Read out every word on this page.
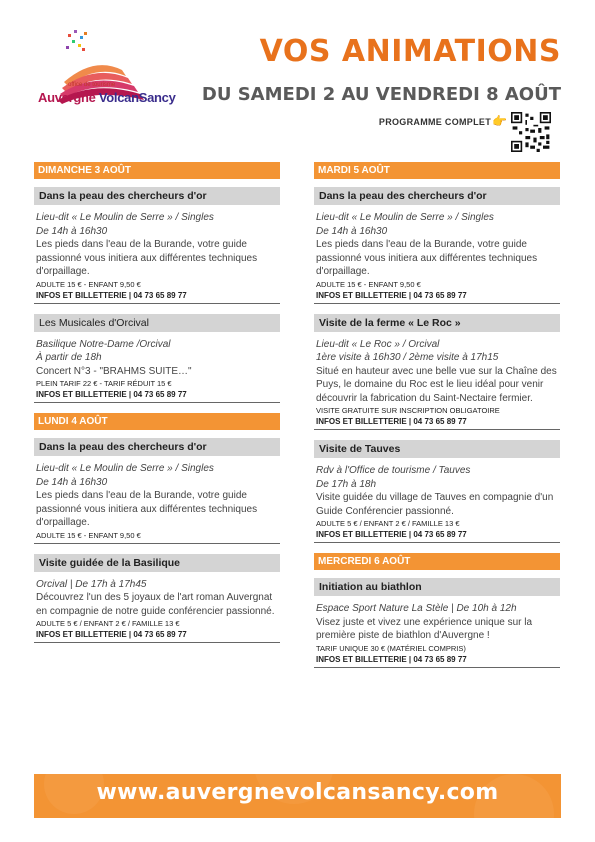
office de tourisme
Auvergne VolcanSancy
VOS ANIMATIONS
DU SAMEDI 2 AU VENDREDI 8 AOÛT
PROGRAMME COMPLET 👉
DIMANCHE 3 AOÛT
Dans la peau des chercheurs d'or
Lieu-dit « Le Moulin de Serre » / Singles
De 14h à 16h30
Les pieds dans l'eau de la Burande, votre guide passionné vous initiera aux différentes techniques d'orpaillage.
ADULTE 15 € - ENFANT 9,50 €
INFOS ET BILLETTERIE | 04 73 65 89 77
Les Musicales d'Orcival
Basilique Notre-Dame /Orcival
À partir de 18h
Concert N°3 - "BRAHMS SUITE…"
PLEIN TARIF 22 € - TARIF RÉDUIT 15 €
INFOS ET BILLETTERIE | 04 73 65 89 77
LUNDI 4 AOÛT
Dans la peau des chercheurs d'or
Lieu-dit « Le Moulin de Serre » / Singles
De 14h à 16h30
Les pieds dans l'eau de la Burande, votre guide passionné vous initiera aux différentes techniques d'orpaillage.
ADULTE 15 € - ENFANT 9,50 €
Visite guidée de la Basilique
Orcival | De 17h à 17h45
Découvrez l'un des 5 joyaux de l'art roman Auvergnat en compagnie de notre guide conférencier passionné.
ADULTE 5 € / ENFANT 2 € / FAMILLE 13 €
INFOS ET BILLETTERIE | 04 73 65 89 77
MARDI 5 AOÛT
Dans la peau des chercheurs d'or
Lieu-dit « Le Moulin de Serre » / Singles
De 14h à 16h30
Les pieds dans l'eau de la Burande, votre guide passionné vous initiera aux différentes techniques d'orpaillage.
ADULTE 15 € - ENFANT 9,50 €
INFOS ET BILLETTERIE | 04 73 65 89 77
Visite de la ferme « Le Roc »
Lieu-dit « Le Roc » / Orcival
1ère visite à 16h30 / 2ème visite à 17h15
Situé en hauteur avec une belle vue sur la Chaîne des Puys, le domaine du Roc est le lieu idéal pour venir découvrir la fabrication du Saint-Nectaire fermier.
VISITE GRATUITE SUR INSCRIPTION OBLIGATOIRE
INFOS ET BILLETTERIE | 04 73 65 89 77
Visite de Tauves
Rdv à l'Office de tourisme / Tauves
De 17h à 18h
Visite guidée du village de Tauves en compagnie d'un Guide Conférencier passionné.
ADULTE 5 € / ENFANT 2 € / FAMILLE 13 €
INFOS ET BILLETTERIE | 04 73 65 89 77
MERCREDI 6 AOÛT
Initiation au biathlon
Espace Sport Nature La Stèle | De 10h à 12h
Visez juste et vivez une expérience unique sur la première piste de biathlon d'Auvergne !
TARIF UNIQUE 30 € (MATÉRIEL COMPRIS)
INFOS ET BILLETTERIE | 04 73 65 89 77
www.auvergnevolcansancy.com
